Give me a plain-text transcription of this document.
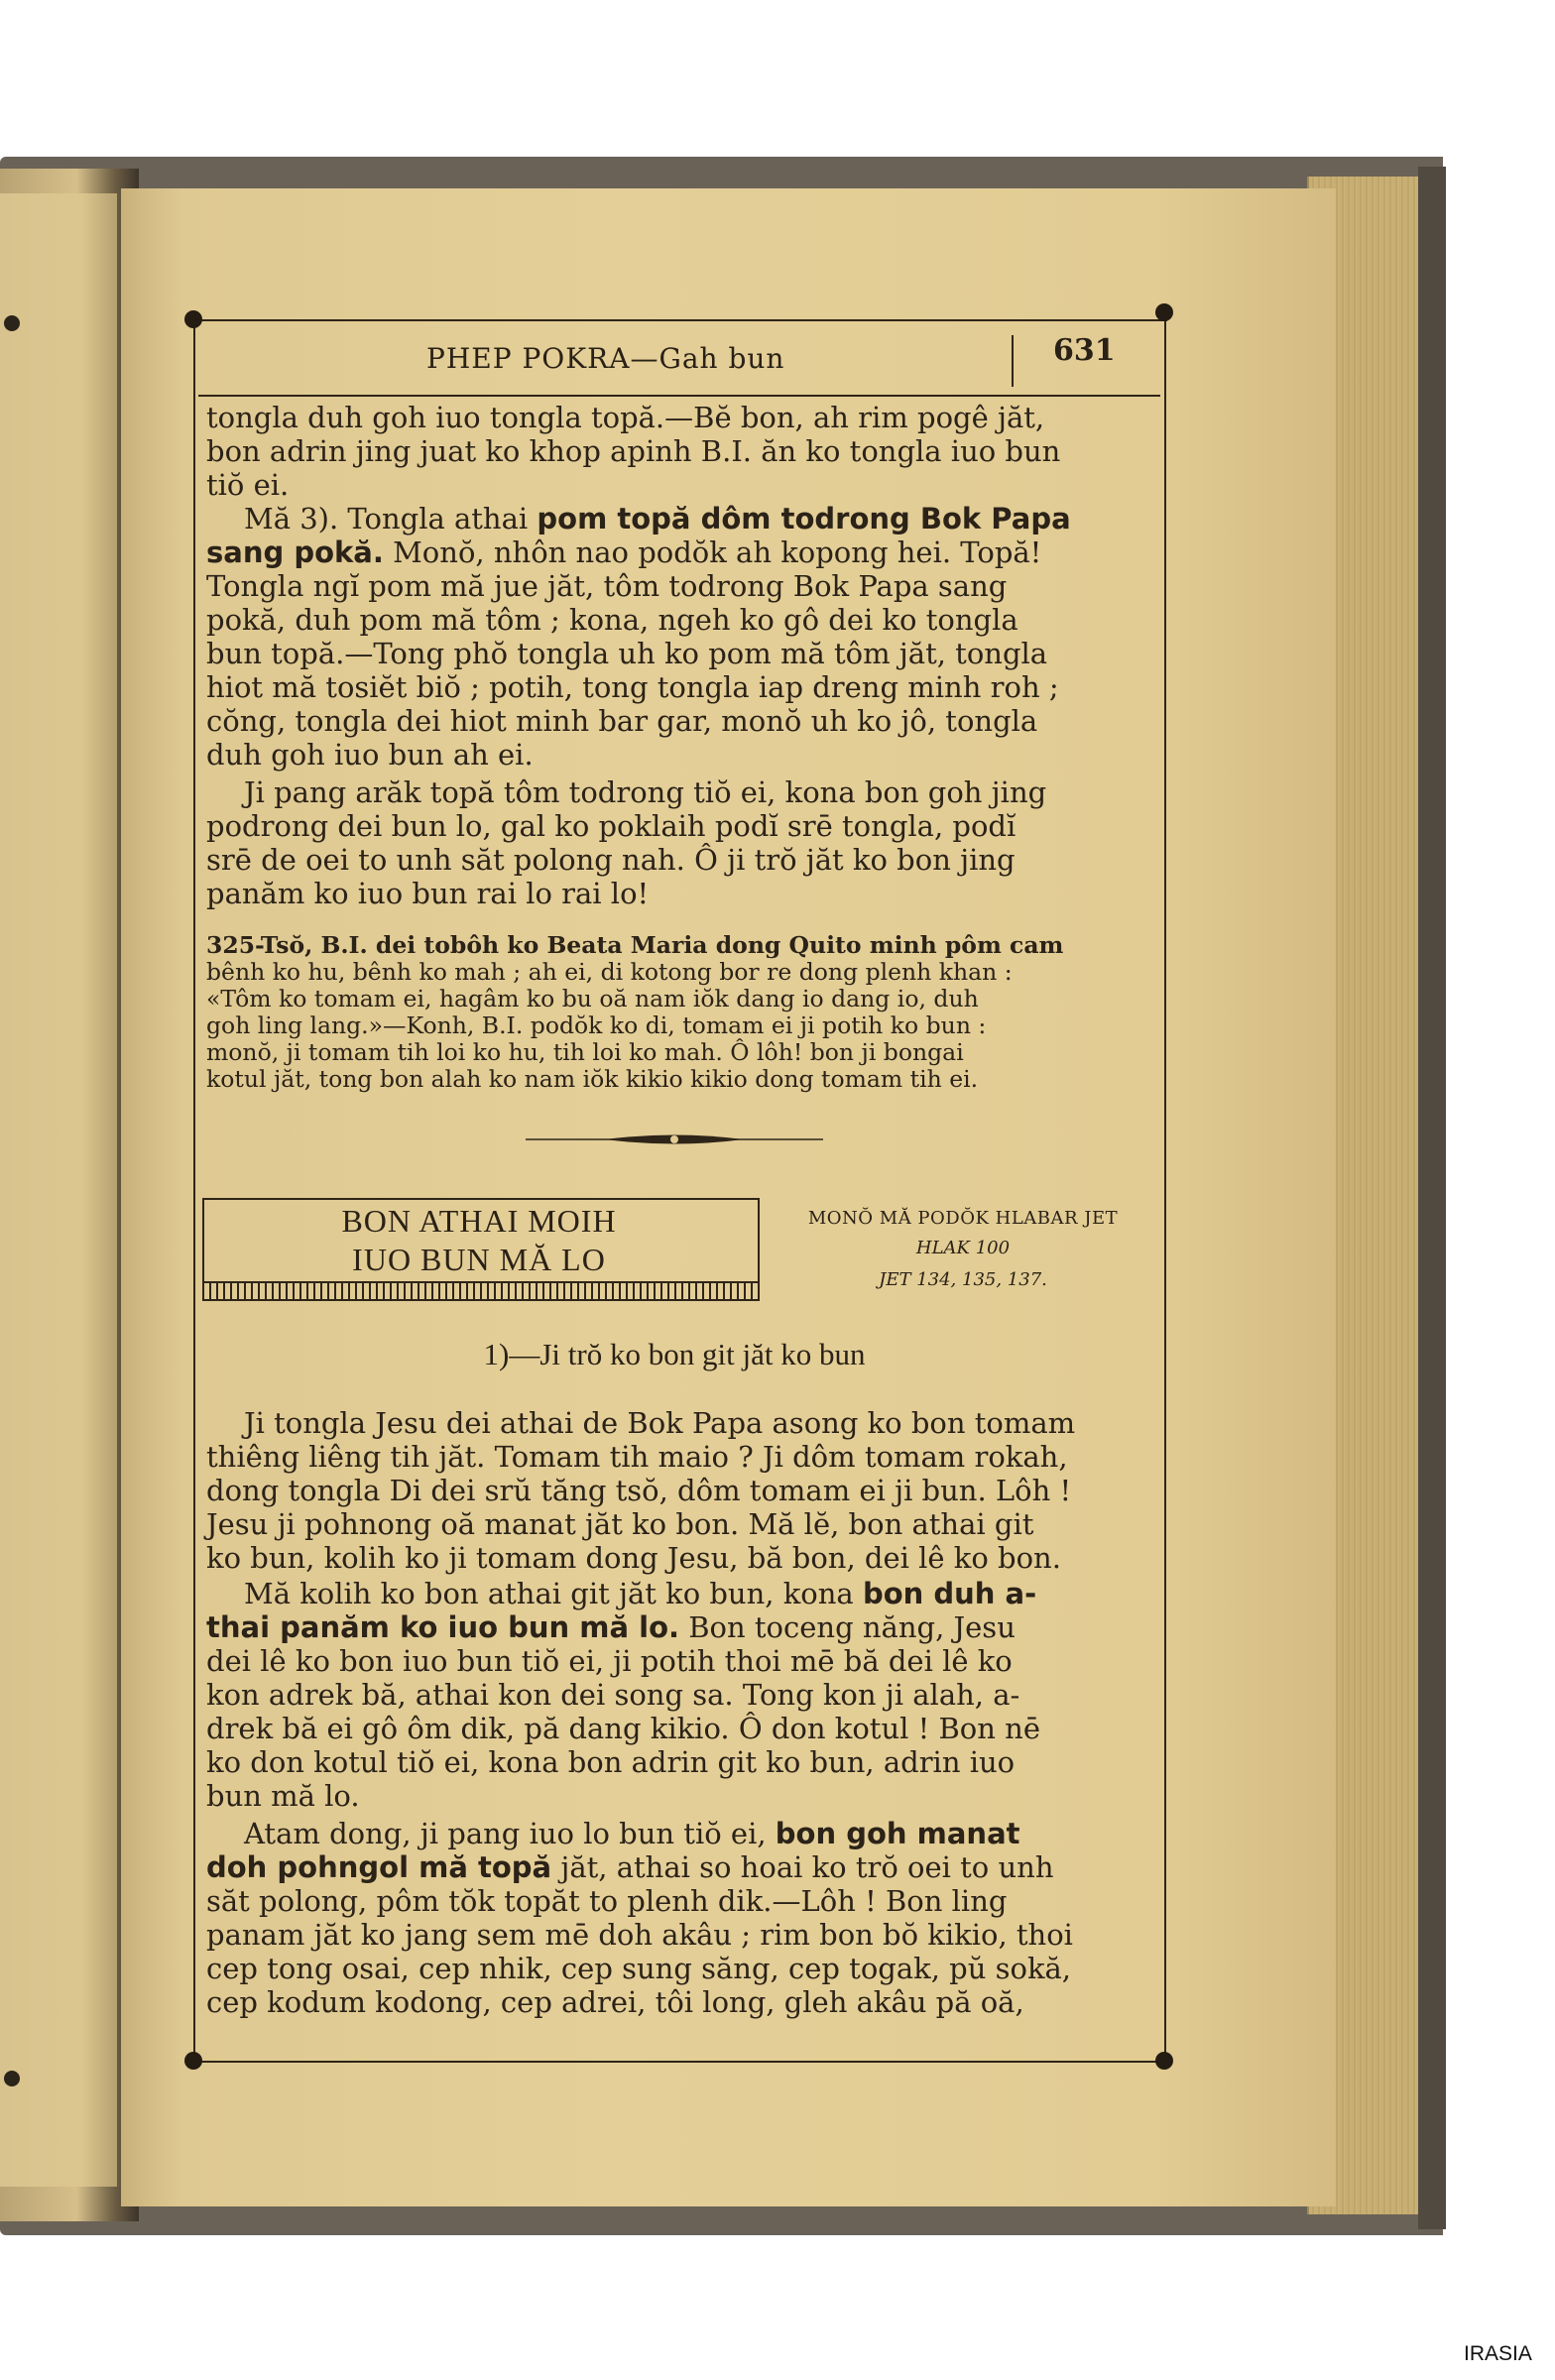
PHEP POKRA—Gah bun	631
tongla duh goh iuo tongla topă.—Bĕ bon, ah rim pogê jăt,
bon adrin jing juat ko khop apinh B.I. ăn ko tongla iuo bun
tiŏ ei.
Mă 3). Tongla athai pom topă dôm todrong Bok Papa
sang pokă. Monŏ, nhôn nao podŏk ah kopong hei. Topă!
Tongla ngĭ pom mă jue jăt, tôm todrong Bok Papa sang
pokă, duh pom mă tôm ; kona, ngeh ko gô dei ko tongla
bun topă.—Tong phŏ tongla uh ko pom mă tôm jăt, tongla
hiot mă tosiĕt biŏ ; potih, tong tongla iap dreng minh roh ;
cŏng, tongla dei hiot minh bar gar, monŏ uh ko jô, tongla
duh goh iuo bun ah ei.
Ji pang arăk topă tôm todrong tiŏ ei, kona bon goh jing
podrong dei bun lo, gal ko poklaih podĭ srē tongla, podĭ
srē de oei to unh săt polong nah. Ô ji trŏ jăt ko bon jing
panăm ko iuo bun rai lo rai lo!
325-Tsŏ, B.I. dei tobôh ko Beata Maria dong Quito minh pôm cam
bênh ko hu, bênh ko mah ; ah ei, di kotong bor re dong plenh khan :
«Tôm ko tomam ei, hagâm ko bu oă nam iŏk dang io dang io, duh
goh ling lang.»—Konh, B.I. podŏk ko di, tomam ei ji potih ko bun :
monŏ, ji tomam tih loi ko hu, tih loi ko mah. Ô lôh! bon ji bongai
kotul jăt, tong bon alah ko nam iŏk kikio kikio dong tomam tih ei.
BON ATHAI MOIH
IUO BUN MĂ LO
MONŎ MĂ PODŎK HLABAR JET
HLAK 100
JET 134, 135, 137.
1)—Ji trŏ ko bon git jăt ko bun
Ji tongla Jesu dei athai de Bok Papa asong ko bon tomam
thiêng liêng tih jăt. Tomam tih maio ? Ji dôm tomam rokah,
dong tongla Di dei srŭ tăng tsŏ, dôm tomam ei ji bun. Lôh !
Jesu ji pohnong oă manat jăt ko bon. Mă lĕ, bon athai git
ko bun, kolih ko ji tomam dong Jesu, bă bon, dei lê ko bon.
Mă kolih ko bon athai git jăt ko bun, kona bon duh a-
thai panăm ko iuo bun mă lo. Bon toceng năng, Jesu
dei lê ko bon iuo bun tiŏ ei, ji potih thoi mē bă dei lê ko
kon adrek bă, athai kon dei song sa. Tong kon ji alah, a-
drek bă ei gô ôm dik, pă dang kikio. Ô don kotul ! Bon nē
ko don kotul tiŏ ei, kona bon adrin git ko bun, adrin iuo
bun mă lo.
Atam dong, ji pang iuo lo bun tiŏ ei, bon goh manat
doh pohngol mă topă jăt, athai so hoai ko trŏ oei to unh
săt polong, pôm tŏk topăt to plenh dik.—Lôh ! Bon ling
panam jăt ko jang sem mē doh akâu ; rim bon bŏ kikio, thoi
cep tong osai, cep nhik, cep sung săng, cep togak, pŭ sokă,
cep kodum kodong, cep adrei, tôi long, gleh akâu pă oă,
IRASIA
